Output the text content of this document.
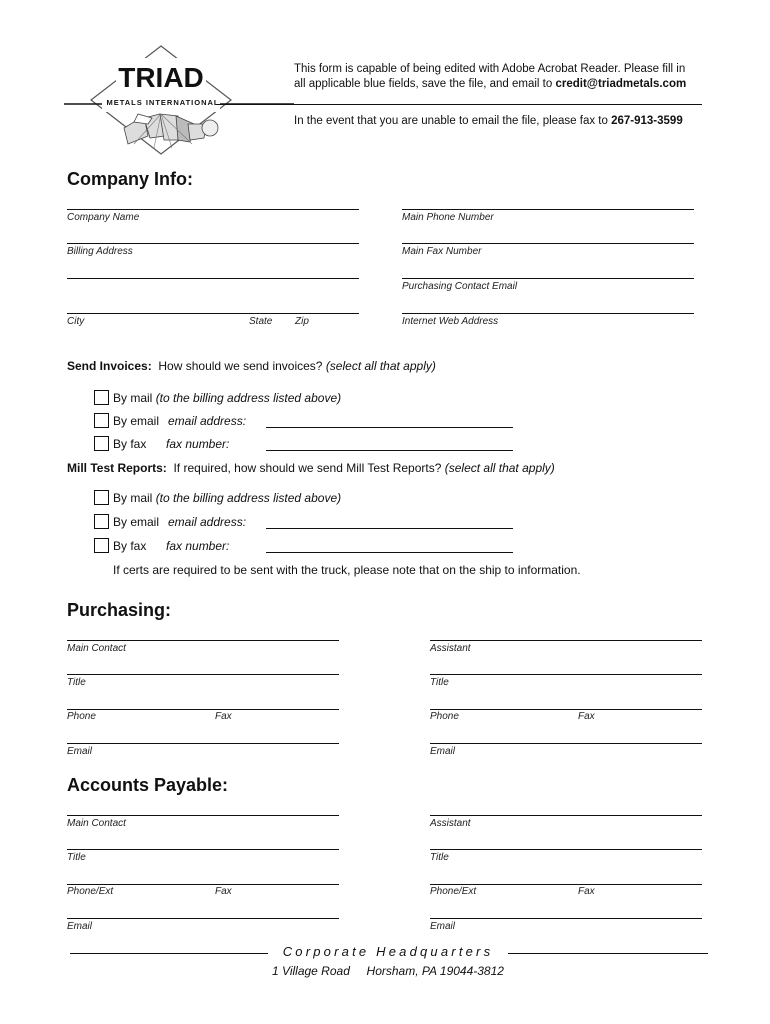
TRIAD
METALS INTERNATIONAL
This form is capable of being edited with Adobe Acrobat Reader. Please fill in
all applicable blue fields, save the file, and email to credit@triadmetals.com
In the event that you are unable to email the file, please fax to 267-913-3599
Company Info:
Company Name
Billing Address
City	State Zip
Main Phone Number
Main Fax Number
Purchasing Contact Email
Internet Web Address
Send Invoices: How should we send invoices? (select all that apply)
By mail (to the billing address listed above)
By email email address:
By fax fax number:
Mill Test Reports: If required, how should we send Mill Test Reports? (select all that apply)
By mail (to the billing address listed above)
By email email address:
By fax fax number:
If certs are required to be sent with the truck, please note that on the ship to information.
Purchasing:
Main Contact
Title
Phone	Fax
Email
Assistant
Title
Phone	Fax
Email
Accounts Payable:
Main Contact
Title
Phone/Ext	Fax
Email
Assistant
Title
Phone/Ext	Fax
Email
Corporate Headquarters
1 Village Road     Horsham, PA 19044-3812
